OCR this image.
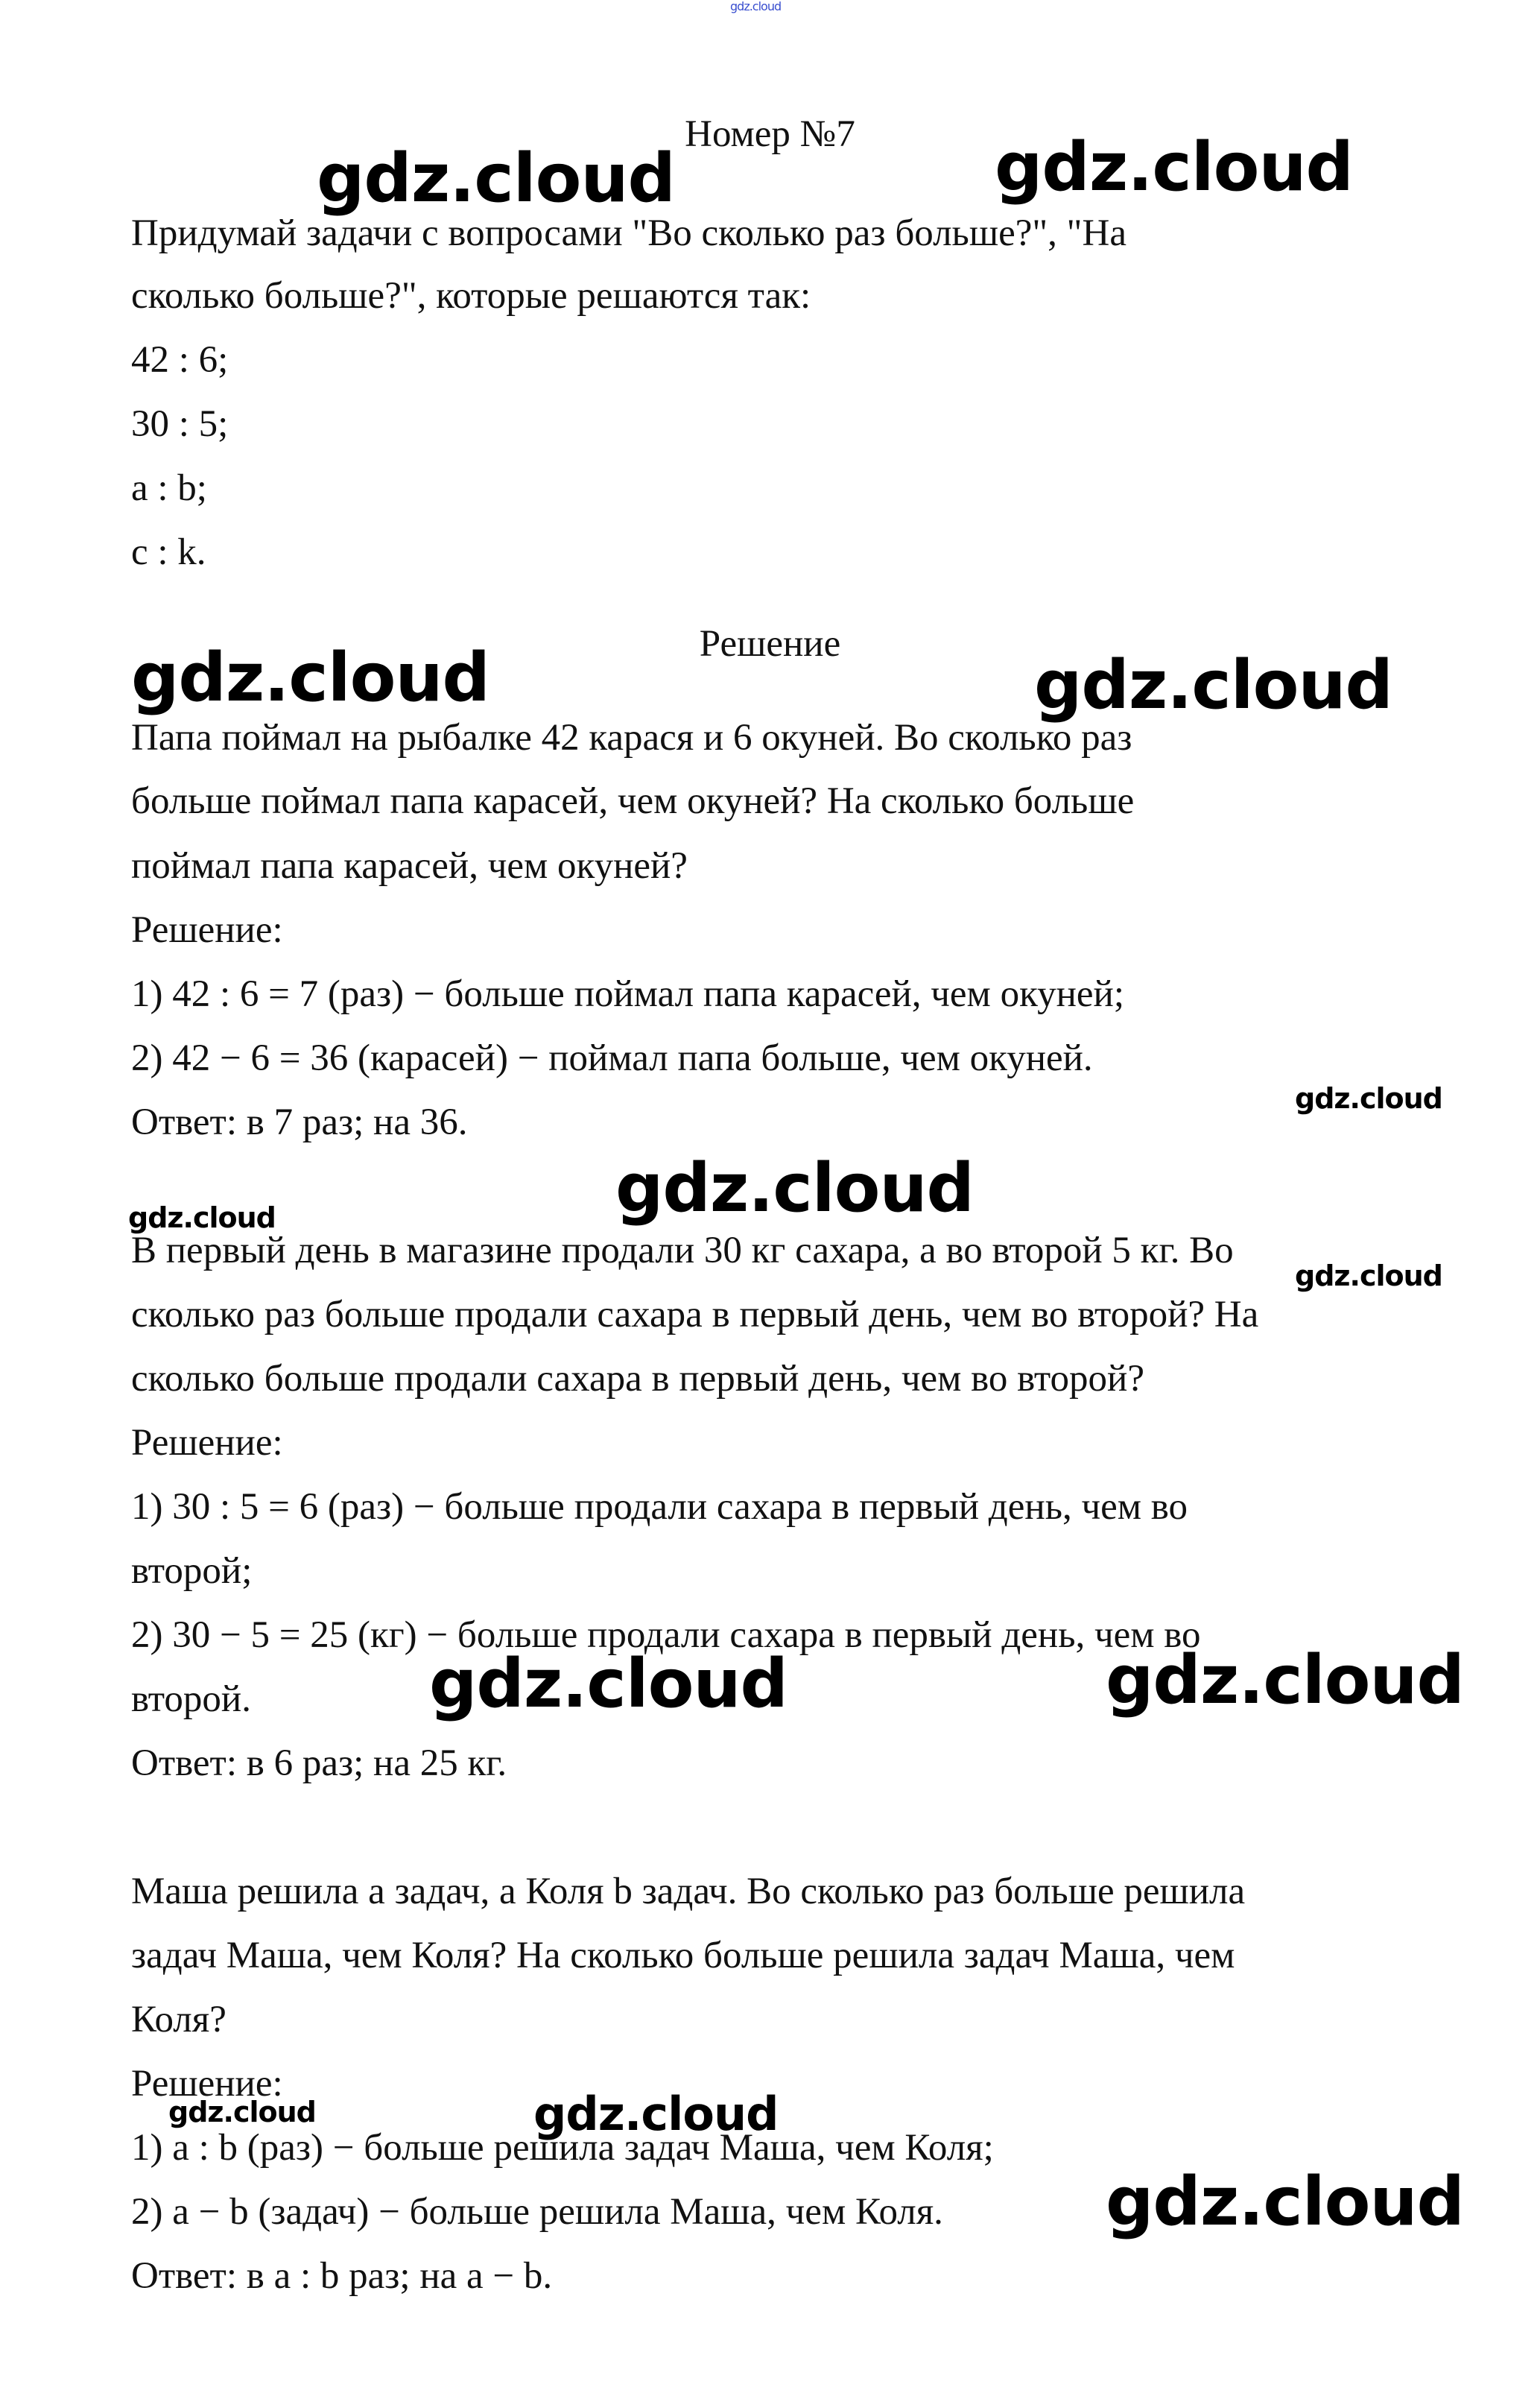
gdz.cloud
Номер №7
Придумай задачи с вопросами "Во сколько раз больше?", "На
сколько больше?", которые решаются так:
42 : 6;
30 : 5;
a : b;
c : k.
Решение
Папа поймал на рыбалке 42 карася и 6 окуней. Во сколько раз
больше поймал папа карасей, чем окуней? На сколько больше
поймал папа карасей, чем окуней?
Решение:
1) 42 : 6 = 7 (раз) − больше поймал папа карасей, чем окуней;
2) 42 − 6 = 36 (карасей) − поймал папа больше, чем окуней.
Ответ: в 7 раз; на 36.
В первый день в магазине продали 30 кг сахара, а во второй 5 кг. Во
сколько раз больше продали сахара в первый день, чем во второй? На
сколько больше продали сахара в первый день, чем во второй?
Решение:
1) 30 : 5 = 6 (раз) − больше продали сахара в первый день, чем во
второй;
2) 30 − 5 = 25 (кг) − больше продали сахара в первый день, чем во
второй.
Ответ: в 6 раз; на 25 кг.
Маша решила a задач, а Коля b задач. Во сколько раз больше решила
задач Маша, чем Коля? На сколько больше решила задач Маша, чем
Коля?
Решение:
1) a : b (раз) − больше решила задач Маша, чем Коля;
2) a − b (задач) − больше решила Маша, чем Коля.
Ответ: в a : b раз; на a − b.
gdz.cloud	gdz.cloud
gdz.cloud	gdz.cloud
gdz.cloud
gdz.cloud
gdz.cloud
gdz.cloud
gdz.cloud	gdz.cloud
gdz.cloud	gdz.cloud
gdz.cloud
